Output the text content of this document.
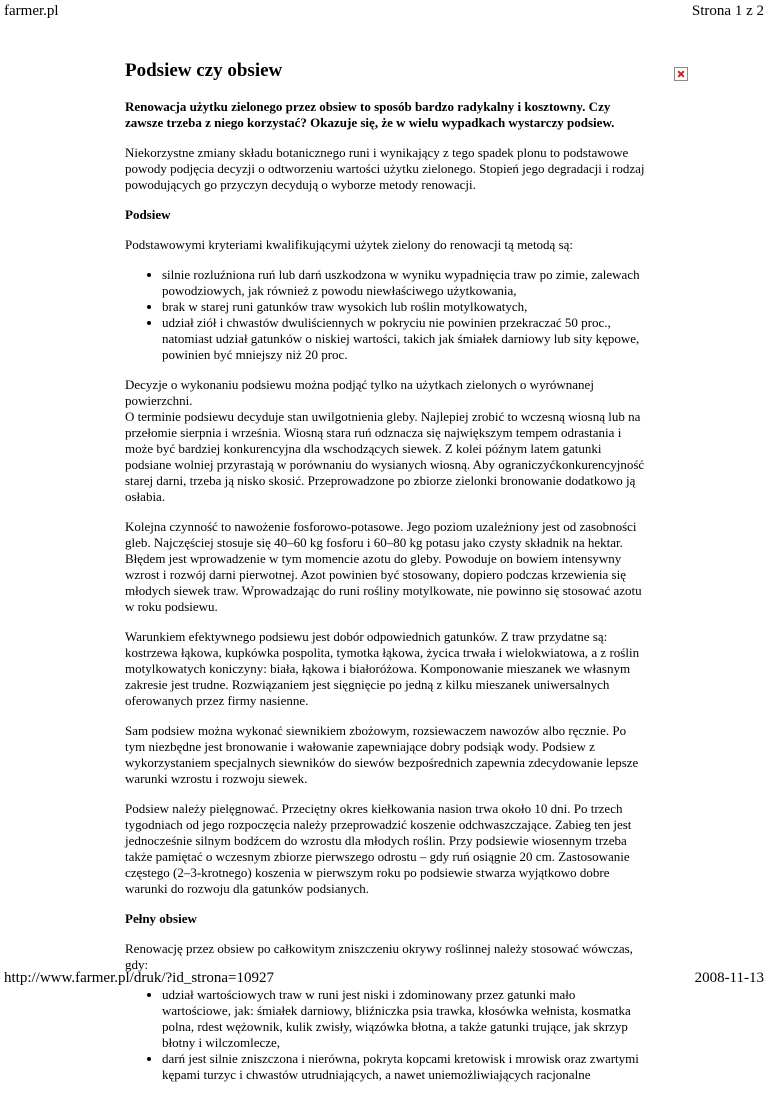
farmer.pl	Strona 1 z 2
Podsiew czy obsiew

Renowacja użytku zielonego przez obsiew to sposób bardzo radykalny i kosztowny. Czy zawsze trzeba z niego korzystać? Okazuje się, że w wielu wypadkach wystarczy podsiew.

Niekorzystne zmiany składu botanicznego runi i wynikający z tego spadek plonu to podstawowe powody podjęcia decyzji o odtworzeniu wartości użytku zielonego. Stopień jego degradacji i rodzaj powodujących go przyczyn decydują o wyborze metody renowacji.

Podsiew

Podstawowymi kryteriami kwalifikującymi użytek zielony do renowacji tą metodą są:

• silnie rozluźniona ruń lub darń uszkodzona w wyniku wypadnięcia traw po zimie, zalewach powodziowych, jak również z powodu niewłaściwego użytkowania,
• brak w starej runi gatunków traw wysokich lub roślin motylkowatych,
• udział ziół i chwastów dwuliściennych w pokryciu nie powinien przekraczać 50 proc., natomiast udział gatunków o niskiej wartości, takich jak śmiałek darniowy lub sity kępowe, powinien być mniejszy niż 20 proc.

Decyzje o wykonaniu podsiewu można podjąć tylko na użytkach zielonych o wyrównanej powierzchni.
O terminie podsiewu decyduje stan uwilgotnienia gleby. Najlepiej zrobić to wczesną wiosną lub na przełomie sierpnia i września. Wiosną stara ruń odznacza się największym tempem odrastania i może być bardziej konkurencyjna dla wschodzących siewek. Z kolei późnym latem gatunki podsiane wolniej przyrastają w porównaniu do wysianych wiosną. Aby ograniczyćkonkurencyjność starej darni, trzeba ją nisko skosić. Przeprowadzone po zbiorze zielonki bronowanie dodatkowo ją osłabia.

Kolejna czynność to nawożenie fosforowo-potasowe. Jego poziom uzależniony jest od zasobności gleb. Najczęściej stosuje się 40–60 kg fosforu i 60–80 kg potasu jako czysty składnik na hektar. Błędem jest wprowadzenie w tym momencie azotu do gleby. Powoduje on bowiem intensywny wzrost i rozwój darni pierwotnej. Azot powinien być stosowany, dopiero podczas krzewienia się młodych siewek traw. Wprowadzając do runi rośliny motylkowate, nie powinno się stosować azotu w roku podsiewu.

Warunkiem efektywnego podsiewu jest dobór odpowiednich gatunków. Z traw przydatne są: kostrzewa łąkowa, kupkówka pospolita, tymotka łąkowa, życica trwała i wielokwiatowa, a z roślin motylkowatych koniczyny: biała, łąkowa i białoróżowa. Komponowanie mieszanek we własnym zakresie jest trudne. Rozwiązaniem jest sięgnięcie po jedną z kilku mieszanek uniwersalnych oferowanych przez firmy nasienne.

Sam podsiew można wykonać siewnikiem zbożowym, rozsiewaczem nawozów albo ręcznie. Po tym niezbędne jest bronowanie i wałowanie zapewniające dobry podsiąk wody. Podsiew z wykorzystaniem specjalnych siewników do siewów bezpośrednich zapewnia zdecydowanie lepsze warunki wzrostu i rozwoju siewek.

Podsiew należy pielęgnować. Przeciętny okres kiełkowania nasion trwa około 10 dni. Po trzech tygodniach od jego rozpoczęcia należy przeprowadzić koszenie odchwaszczające. Zabieg ten jest jednocześnie silnym bodźcem do wzrostu dla młodych roślin. Przy podsiewie wiosennym trzeba także pamiętać o wczesnym zbiorze pierwszego odrostu – gdy ruń osiągnie 20 cm. Zastosowanie częstego (2–3-krotnego) koszenia w pierwszym roku po podsiewie stwarza wyjątkowo dobre warunki do rozwoju dla gatunków podsianych.

Pełny obsiew

Renowację przez obsiew po całkowitym zniszczeniu okrywy roślinnej należy stosować wówczas, gdy:

• udział wartościowych traw w runi jest niski i zdominowany przez gatunki mało wartościowe, jak: śmiałek darniowy, bliźniczka psia trawka, kłosówka wełnista, kosmatka polna, rdest wężownik, kulik zwisły, wiązówka błotna, a także gatunki trujące, jak skrzyp błotny i wilczomlecze,
• darń jest silnie zniszczona i nierówna, pokryta kopcami kretowisk i mrowisk oraz zwartymi kępami turzyc i chwastów utrudniających, a nawet uniemożliwiających racjonalne
http://www.farmer.pl/druk/?id_strona=10927	2008-11-13
